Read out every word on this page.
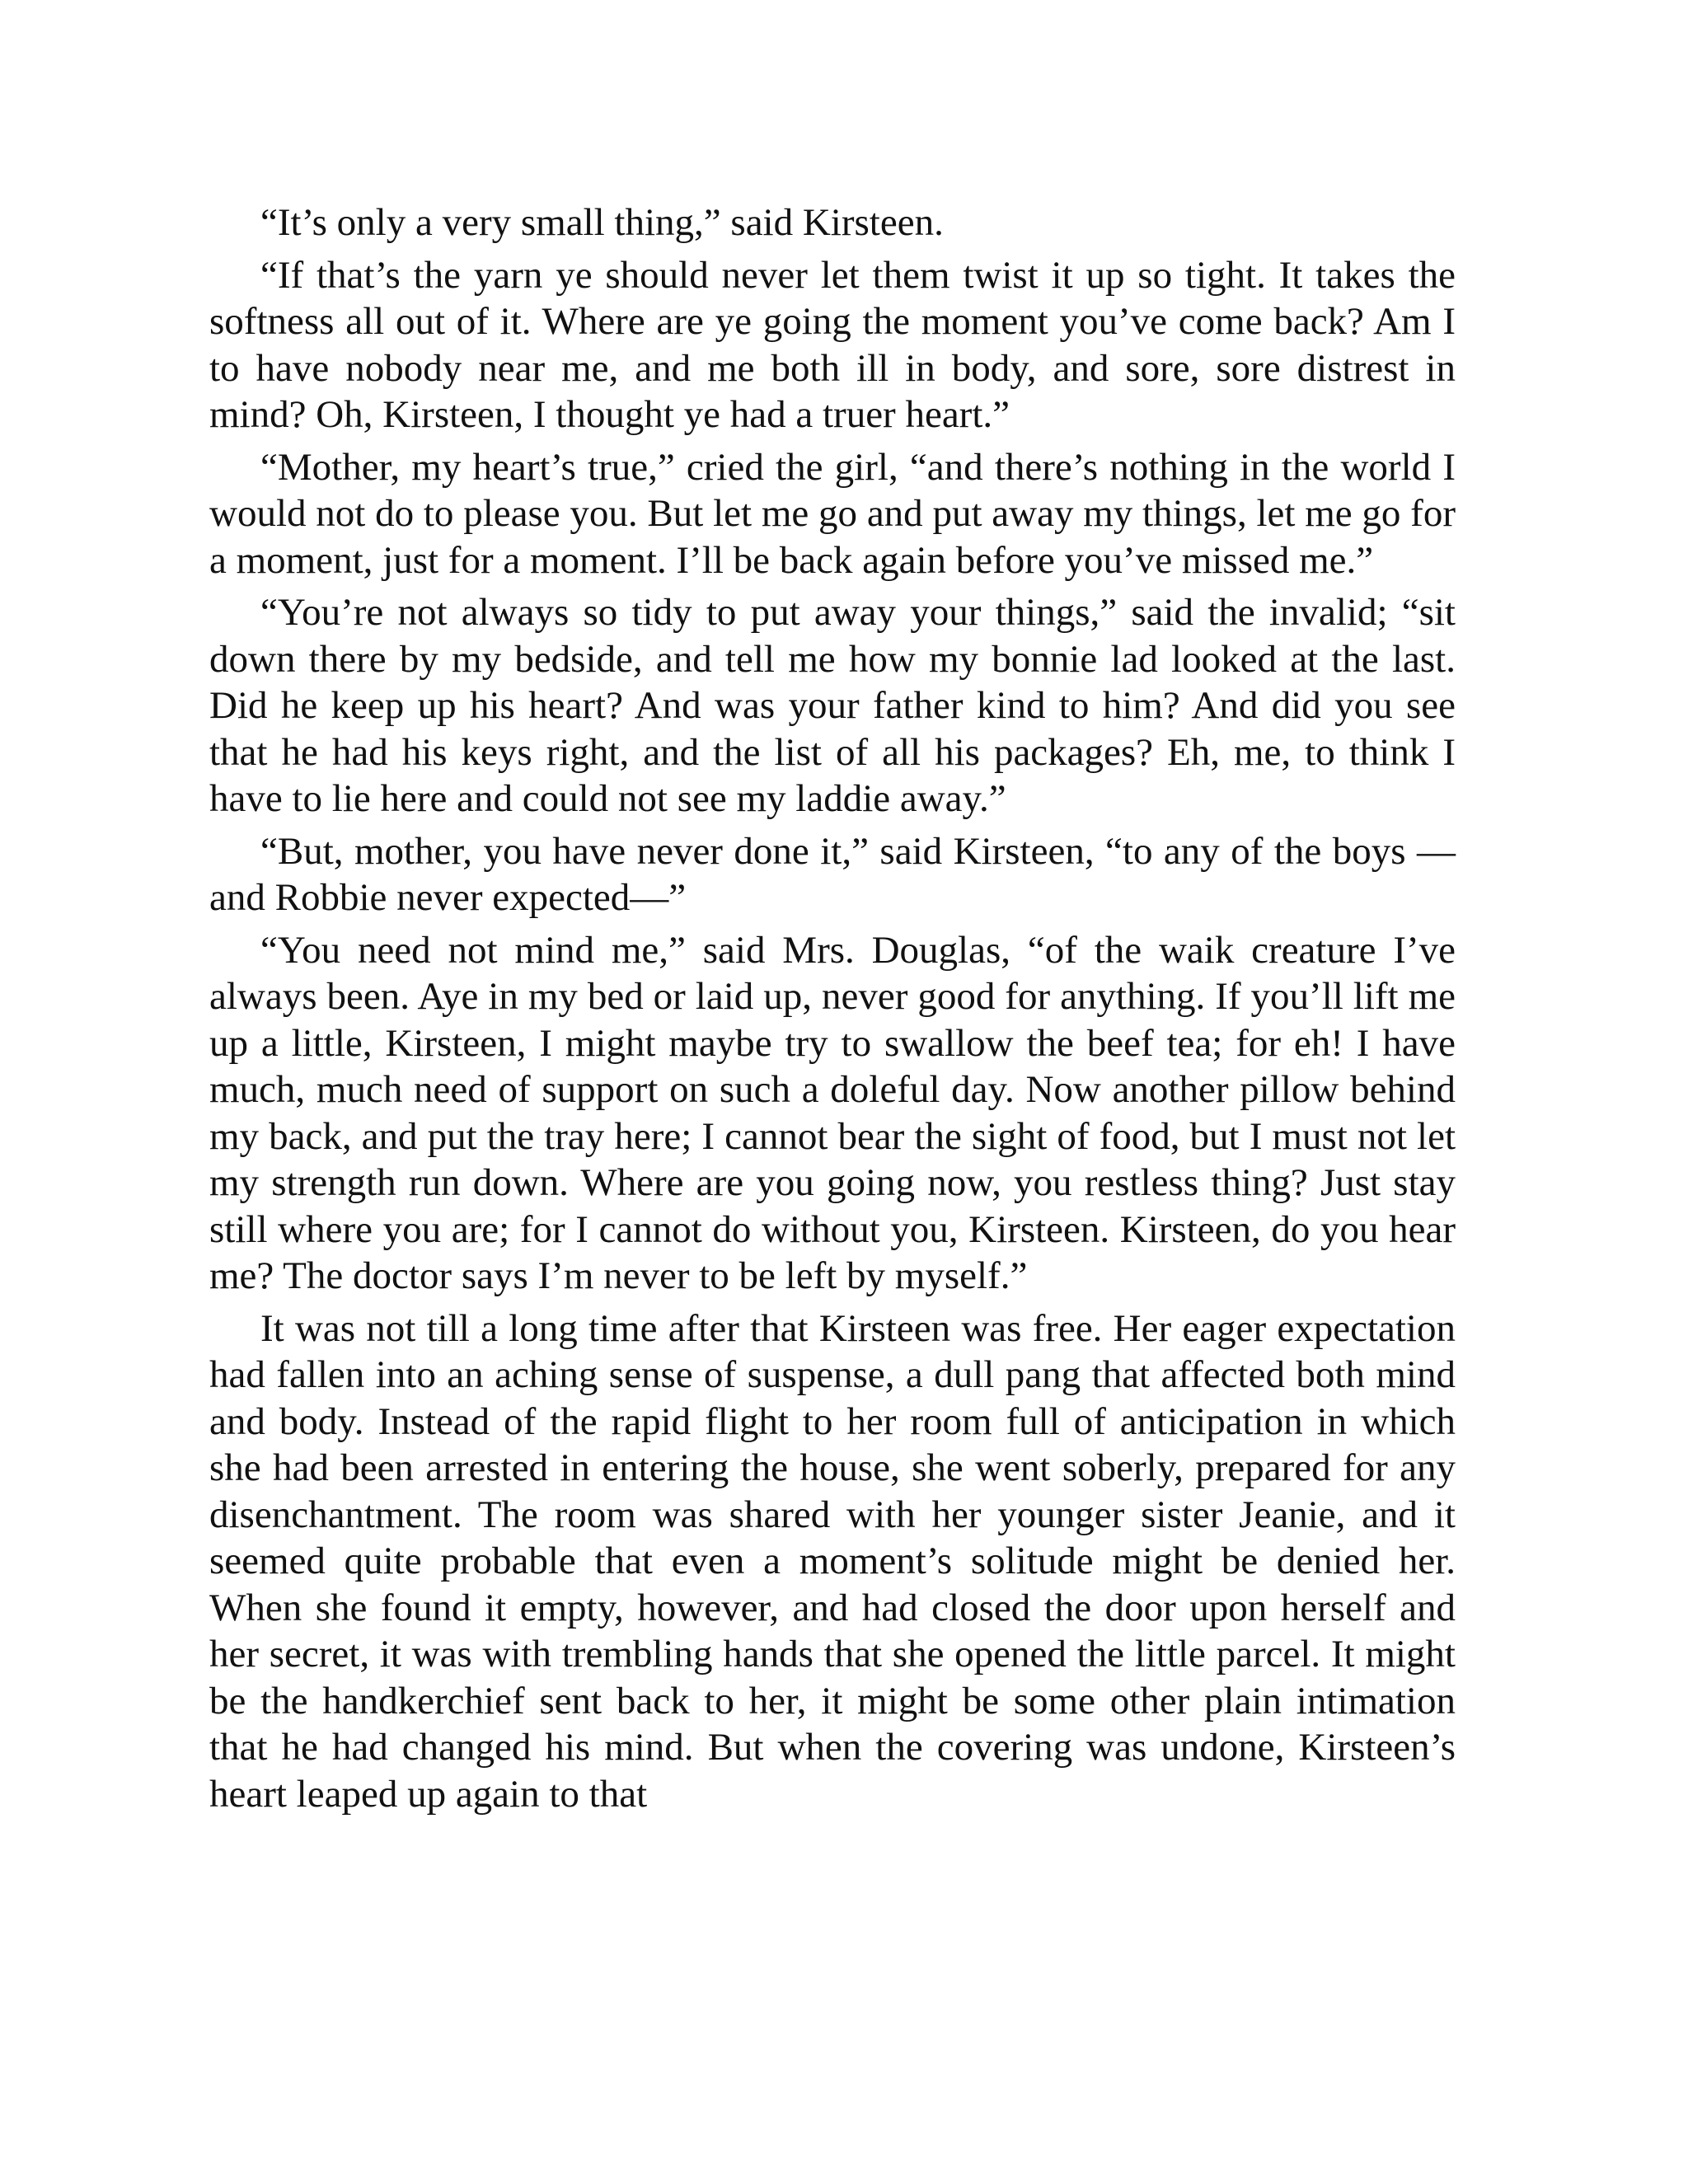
“It’s only a very small thing,” said Kirsteen.

“If that’s the yarn ye should never let them twist it up so tight. It takes the softness all out of it. Where are ye going the moment you’ve come back? Am I to have nobody near me, and me both ill in body, and sore, sore distrest in mind? Oh, Kirsteen, I thought ye had a truer heart.”

“Mother, my heart’s true,” cried the girl, “and there’s nothing in the world I would not do to please you. But let me go and put away my things, let me go for a moment, just for a moment. I’ll be back again before you’ve missed me.”

“You’re not always so tidy to put away your things,” said the invalid; “sit down there by my bedside, and tell me how my bonnie lad looked at the last. Did he keep up his heart? And was your father kind to him? And did you see that he had his keys right, and the list of all his packages? Eh, me, to think I have to lie here and could not see my laddie away.”

“But, mother, you have never done it,” said Kirsteen, “to any of the boys —and Robbie never expected—”

“You need not mind me,” said Mrs. Douglas, “of the waik creature I’ve always been. Aye in my bed or laid up, never good for anything. If you’ll lift me up a little, Kirsteen, I might maybe try to swallow the beef tea; for eh! I have much, much need of support on such a doleful day. Now another pillow behind my back, and put the tray here; I cannot bear the sight of food, but I must not let my strength run down. Where are you going now, you restless thing? Just stay still where you are; for I cannot do without you, Kirsteen. Kirsteen, do you hear me? The doctor says I’m never to be left by myself.”

It was not till a long time after that Kirsteen was free. Her eager expectation had fallen into an aching sense of suspense, a dull pang that affected both mind and body. Instead of the rapid flight to her room full of anticipation in which she had been arrested in entering the house, she went soberly, prepared for any disenchantment. The room was shared with her younger sister Jeanie, and it seemed quite probable that even a moment’s solitude might be denied her. When she found it empty, however, and had closed the door upon herself and her secret, it was with trembling hands that she opened the little parcel. It might be the handkerchief sent back to her, it might be some other plain intimation that he had changed his mind. But when the covering was undone, Kirsteen’s heart leaped up again to that
